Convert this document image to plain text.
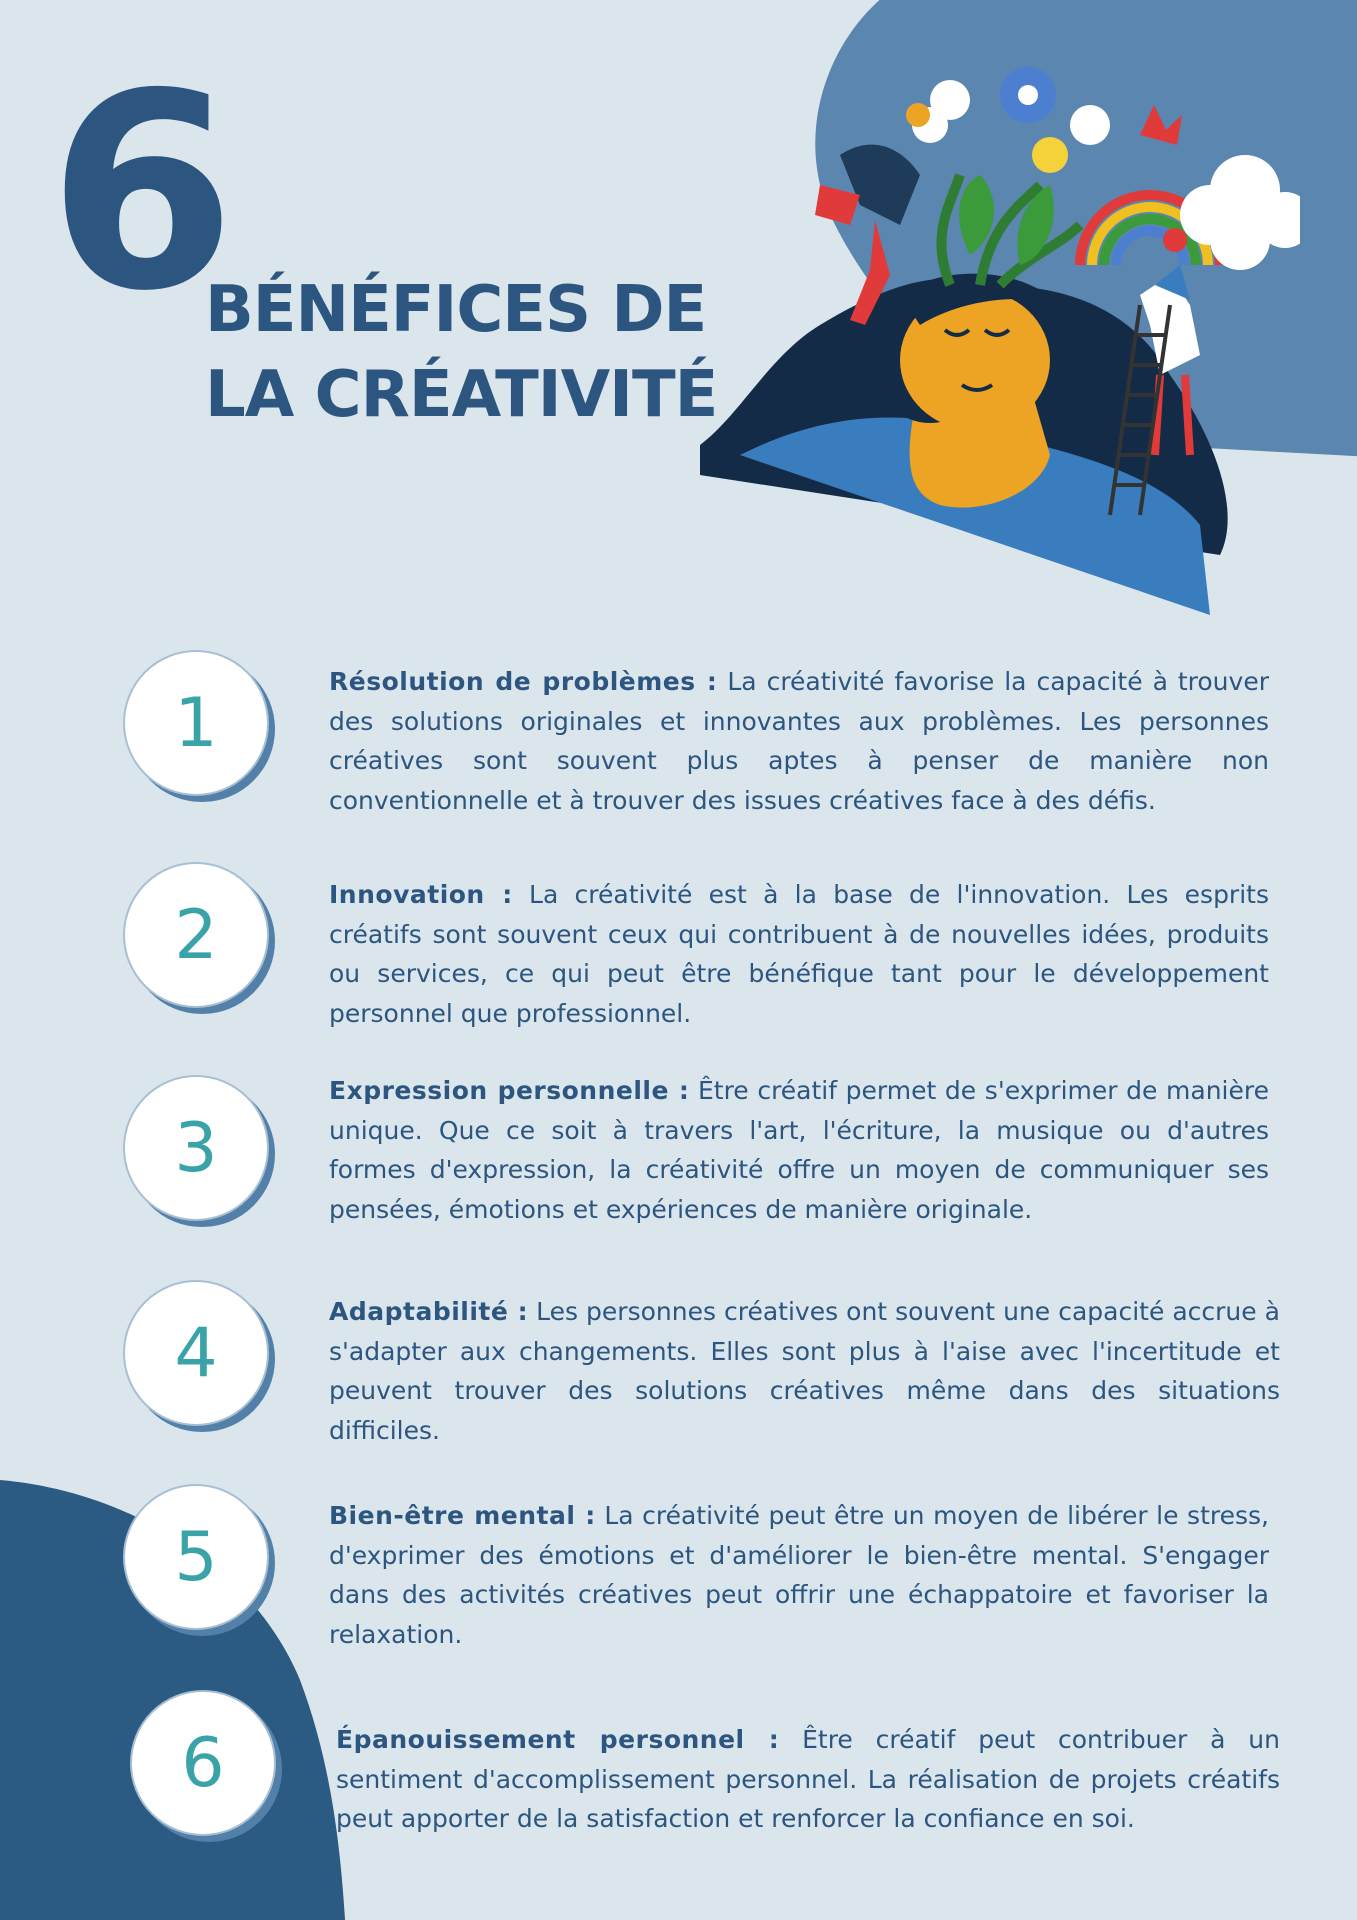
6
BÉNÉFICES DE
LA CRÉATIVITÉ
1
Résolution de problèmes : La créativité favorise la capacité à trouver des solutions originales et innovantes aux problèmes. Les personnes créatives sont souvent plus aptes à penser de manière non conventionnelle et à trouver des issues créatives face à des défis.
2
Innovation : La créativité est à la base de l'innovation. Les esprits créatifs sont souvent ceux qui contribuent à de nouvelles idées, produits ou services, ce qui peut être bénéfique tant pour le développement personnel que professionnel.
3
Expression personnelle : Être créatif permet de s'exprimer de manière unique. Que ce soit à travers l'art, l'écriture, la musique ou d'autres formes d'expression, la créativité offre un moyen de communiquer ses pensées, émotions et expériences de manière originale.
4
Adaptabilité : Les personnes créatives ont souvent une capacité accrue à s'adapter aux changements. Elles sont plus à l'aise avec l'incertitude et peuvent trouver des solutions créatives même dans des situations difficiles.
5
Bien-être mental : La créativité peut être un moyen de libérer le stress, d'exprimer des émotions et d'améliorer le bien-être mental. S'engager dans des activités créatives peut offrir une échappatoire et favoriser la relaxation.
6	Épanouissement personnel : Être créatif peut contribuer à un sentiment d'accomplissement personnel. La réalisation de projets créatifs peut apporter de la satisfaction et renforcer la confiance en soi.
